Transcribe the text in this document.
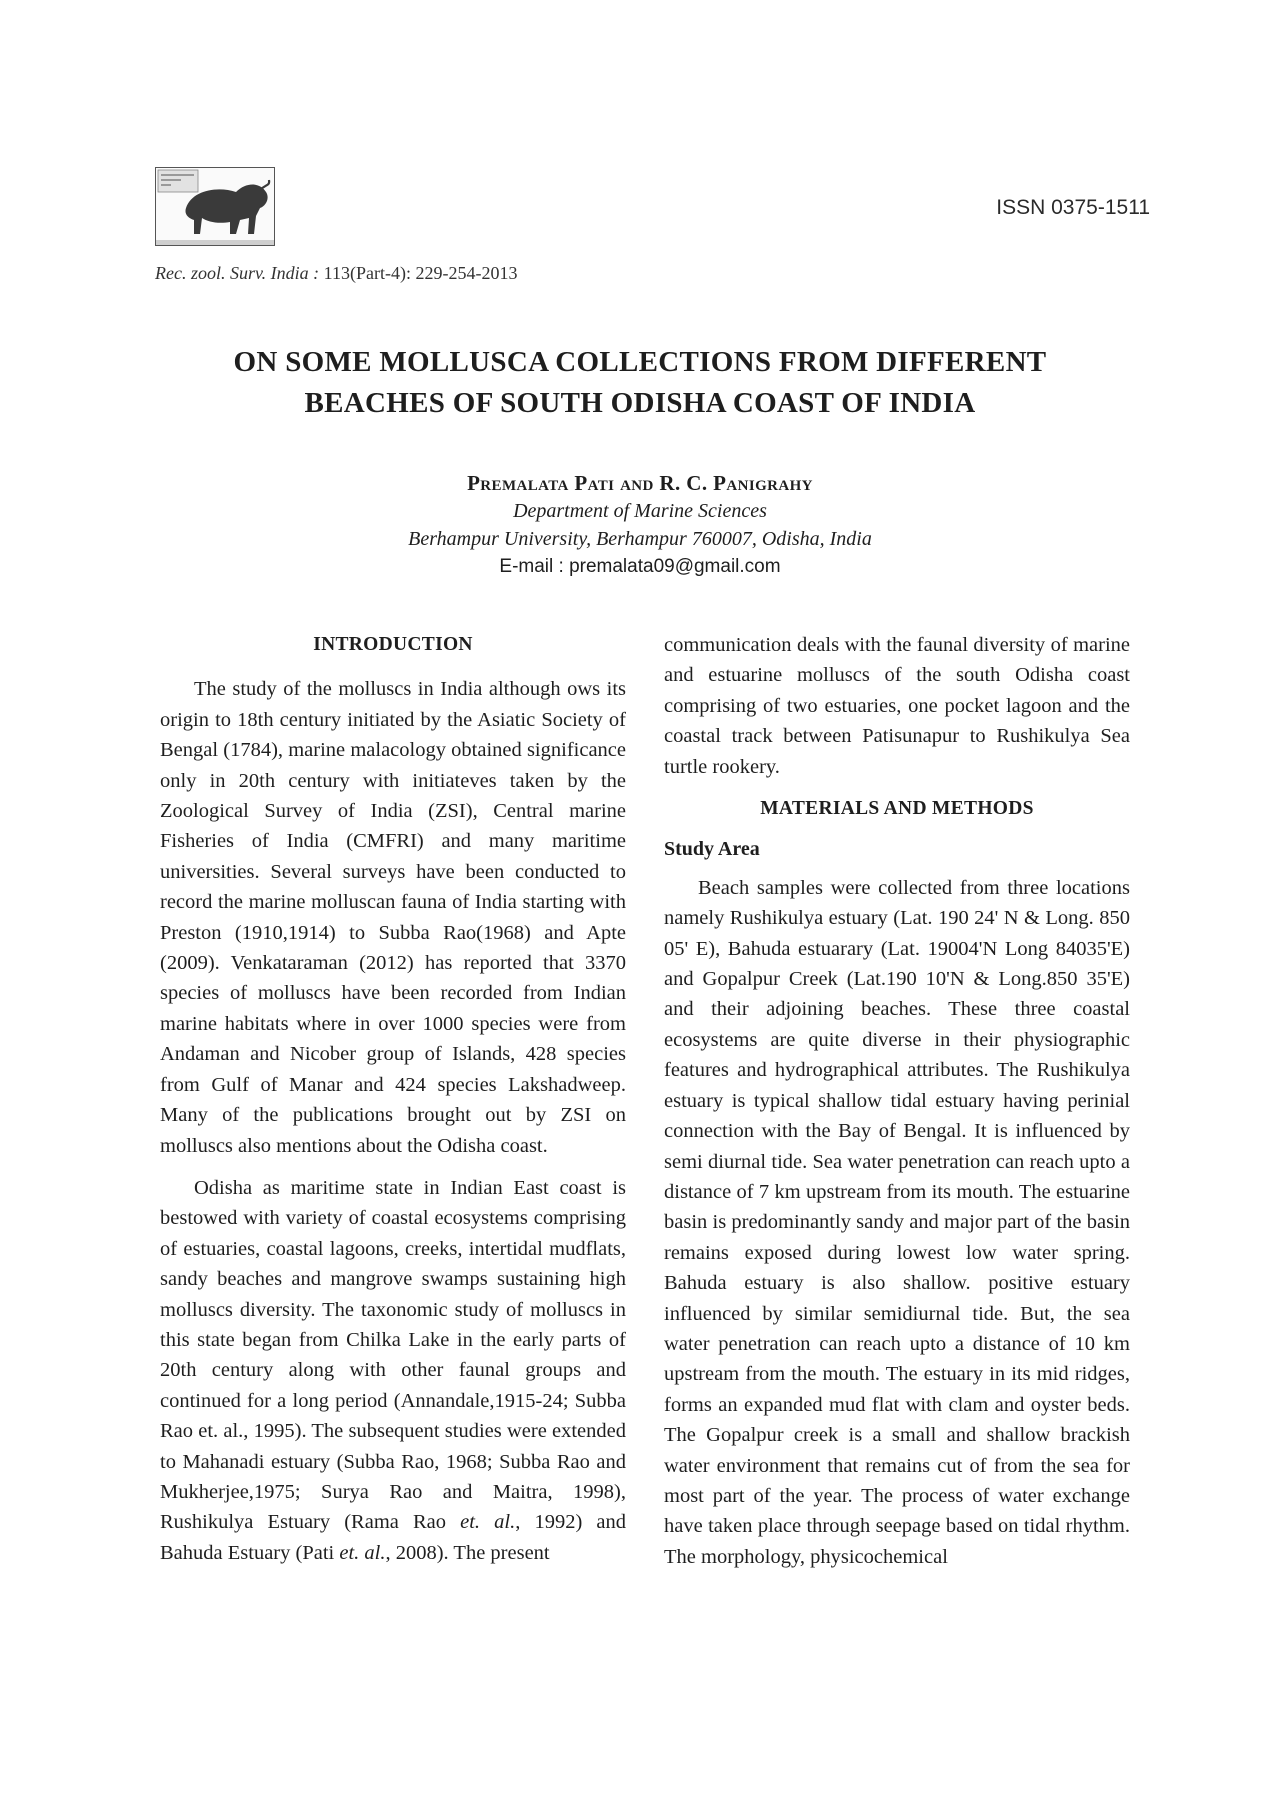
ISSN 0375-1511
Rec. zool. Surv. India : 113(Part-4): 229-254-2013
ON SOME MOLLUSCA COLLECTIONS FROM DIFFERENT
BEACHES OF SOUTH ODISHA COAST OF INDIA
Premalata Pati and R. C. Panigrahy
Department of Marine Sciences
Berhampur University, Berhampur 760007, Odisha, India
E-mail : premalata09@gmail.com
INTRODUCTION

The study of the molluscs in India although ows its origin to 18th century initiated by the Asiatic Society of Bengal (1784), marine malacology obtained significance only in 20th century with initiateves taken by the Zoological Survey of India (ZSI), Central marine Fisheries of India (CMFRI) and many maritime universities. Several surveys have been conducted to record the marine molluscan fauna of India starting with Preston (1910,1914) to Subba Rao(1968) and Apte (2009). Venkataraman (2012) has reported that 3370 species of molluscs have been recorded from Indian marine habitats where in over 1000 species were from Andaman and Nicober group of Islands, 428 species from Gulf of Manar and 424 species Lakshadweep. Many of the publications brought out by ZSI on molluscs also mentions about the Odisha coast.

Odisha as maritime state in Indian East coast is bestowed with variety of coastal ecosystems comprising of estuaries, coastal lagoons, creeks, intertidal mudflats, sandy beaches and mangrove swamps sustaining high molluscs diversity. The taxonomic study of molluscs in this state began from Chilka Lake in the early parts of 20th century along with other faunal groups and continued for a long period (Annandale,1915-24; Subba Rao et. al., 1995). The subsequent studies were extended to Mahanadi estuary (Subba Rao, 1968; Subba Rao and Mukherjee,1975; Surya Rao and Maitra, 1998), Rushikulya Estuary (Rama Rao et. al., 1992) and Bahuda Estuary (Pati et. al., 2008). The present

communication deals with the faunal diversity of marine and estuarine molluscs of the south Odisha coast comprising of two estuaries, one pocket lagoon and the coastal track between Patisunapur to Rushikulya Sea turtle rookery.

MATERIALS AND METHODS
Study Area

Beach samples were collected from three locations namely Rushikulya estuary (Lat. 190 24' N & Long. 850 05' E), Bahuda estuarary (Lat. 19004'N Long 84035'E) and Gopalpur Creek (Lat.190 10'N & Long.850 35'E) and their adjoining beaches. These three coastal ecosystems are quite diverse in their physiographic features and hydrographical attributes. The Rushikulya estuary is typical shallow tidal estuary having perinial connection with the Bay of Bengal. It is influenced by semi diurnal tide. Sea water penetration can reach upto a distance of 7 km upstream from its mouth. The estuarine basin is predominantly sandy and major part of the basin remains exposed during lowest low water spring. Bahuda estuary is also shallow. positive estuary influenced by similar semidiurnal tide. But, the sea water penetration can reach upto a distance of 10 km upstream from the mouth. The estuary in its mid ridges, forms an expanded mud flat with clam and oyster beds. The Gopalpur creek is a small and shallow brackish water environment that remains cut of from the sea for most part of the year. The process of water exchange have taken place through seepage based on tidal rhythm. The morphology, physicochemical
